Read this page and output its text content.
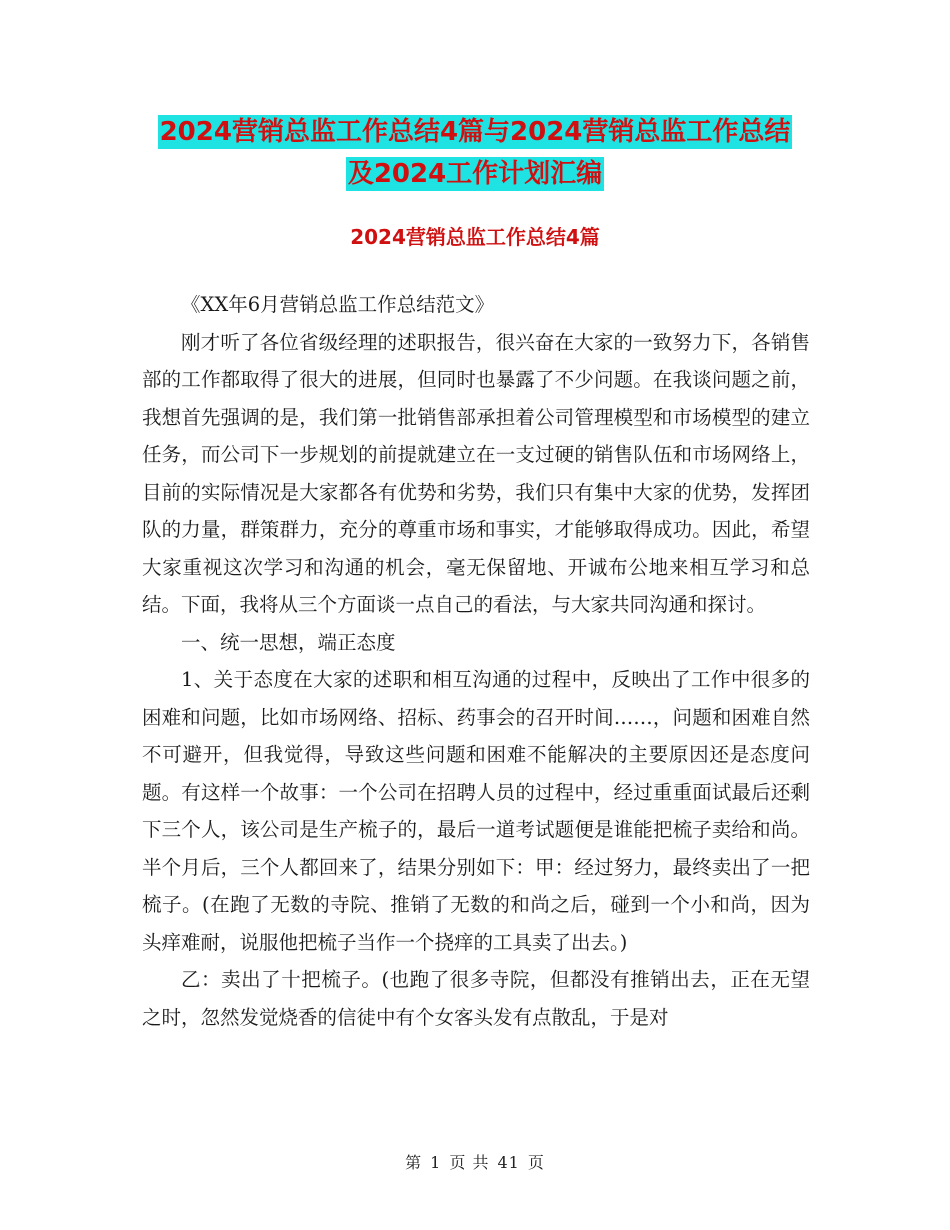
2024营销总监工作总结4篇与2024营销总监工作总结
及2024工作计划汇编
2024营销总监工作总结4篇

《XX年6月营销总监工作总结范文》

刚才听了各位省级经理的述职报告，很兴奋在大家的一致努力下，各销售部的工作都取得了很大的进展，但同时也暴露了不少问题。在我谈问题之前，我想首先强调的是，我们第一批销售部承担着公司管理模型和市场模型的建立任务，而公司下一步规划的前提就建立在一支过硬的销售队伍和市场网络上，目前的实际情况是大家都各有优势和劣势，我们只有集中大家的优势，发挥团队的力量，群策群力，充分的尊重市场和事实，才能够取得成功。因此，希望大家重视这次学习和沟通的机会，毫无保留地、开诚布公地来相互学习和总结。下面，我将从三个方面谈一点自己的看法，与大家共同沟通和探讨。

一、统一思想，端正态度

1、关于态度在大家的述职和相互沟通的过程中，反映出了工作中很多的困难和问题，比如市场网络、招标、药事会的召开时间……，问题和困难自然不可避开，但我觉得，导致这些问题和困难不能解决的主要原因还是态度问题。有这样一个故事：一个公司在招聘人员的过程中，经过重重面试最后还剩下三个人，该公司是生产梳子的，最后一道考试题便是谁能把梳子卖给和尚。半个月后，三个人都回来了，结果分别如下：甲：经过努力，最终卖出了一把梳子。(在跑了无数的寺院、推销了无数的和尚之后，碰到一个小和尚，因为头痒难耐，说服他把梳子当作一个挠痒的工具卖了出去。)

乙：卖出了十把梳子。(也跑了很多寺院，但都没有推销出去，正在无望之时，忽然发觉烧香的信徒中有个女客头发有点散乱，于是对

第 1 页 共 41 页
